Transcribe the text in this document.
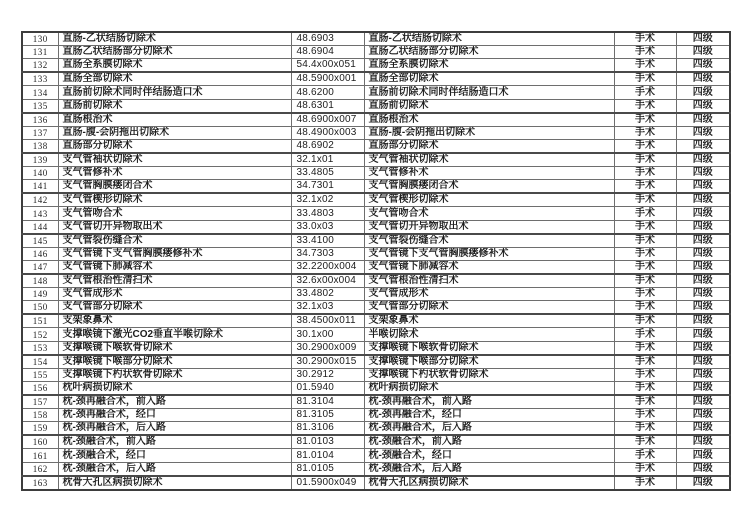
130	直肠-乙状结肠切除术	48.6903	直肠-乙状结肠切除术	手术	四级
131	直肠乙状结肠部分切除术	48.6904	直肠乙状结肠部分切除术	手术	四级
132	直肠全系膜切除术	54.4x00x051	直肠全系膜切除术	手术	四级
133	直肠全部切除术	48.5900x001	直肠全部切除术	手术	四级
134	直肠前切除术同时伴结肠造口术	48.6200	直肠前切除术同时伴结肠造口术	手术	四级
135	直肠前切除术	48.6301	直肠前切除术	手术	四级
136	直肠根治术	48.6900x007	直肠根治术	手术	四级
137	直肠-腹-会阴拖出切除术	48.4900x003	直肠-腹-会阴拖出切除术	手术	四级
138	直肠部分切除术	48.6902	直肠部分切除术	手术	四级
139	支气管袖状切除术	32.1x01	支气管袖状切除术	手术	四级
140	支气管修补术	33.4805	支气管修补术	手术	四级
141	支气管胸膜瘘闭合术	34.7301	支气管胸膜瘘闭合术	手术	四级
142	支气管楔形切除术	32.1x02	支气管楔形切除术	手术	四级
143	支气管吻合术	33.4803	支气管吻合术	手术	四级
144	支气管切开异物取出术	33.0x03	支气管切开异物取出术	手术	四级
145	支气管裂伤缝合术	33.4100	支气管裂伤缝合术	手术	四级
146	支气管镜下支气管胸膜瘘修补术	34.7303	支气管镜下支气管胸膜瘘修补术	手术	四级
147	支气管镜下肺减容术	32.2200x004	支气管镜下肺减容术	手术	四级
148	支气管根治性清扫术	32.6x00x004	支气管根治性清扫术	手术	四级
149	支气管成形术	33.4802	支气管成形术	手术	四级
150	支气管部分切除术	32.1x03	支气管部分切除术	手术	四级
151	支架象鼻术	38.4500x011	支架象鼻术	手术	四级
152	支撑喉镜下激光CO2垂直半喉切除术	30.1x00	半喉切除术	手术	四级
153	支撑喉镜下喉软骨切除术	30.2900x009	支撑喉镜下喉软骨切除术	手术	四级
154	支撑喉镜下喉部分切除术	30.2900x015	支撑喉镜下喉部分切除术	手术	四级
155	支撑喉镜下杓状软骨切除术	30.2912	支撑喉镜下杓状软骨切除术	手术	四级
156	枕叶病损切除术	01.5940	枕叶病损切除术	手术	四级
157	枕-颈再融合术，前入路	81.3104	枕-颈再融合术，前入路	手术	四级
158	枕-颈再融合术，经口	81.3105	枕-颈再融合术，经口	手术	四级
159	枕-颈再融合术，后入路	81.3106	枕-颈再融合术，后入路	手术	四级
160	枕-颈融合术，前入路	81.0103	枕-颈融合术，前入路	手术	四级
161	枕-颈融合术，经口	81.0104	枕-颈融合术，经口	手术	四级
162	枕-颈融合术，后入路	81.0105	枕-颈融合术，后入路	手术	四级
163	枕骨大孔区病损切除术	01.5900x049	枕骨大孔区病损切除术	手术	四级
